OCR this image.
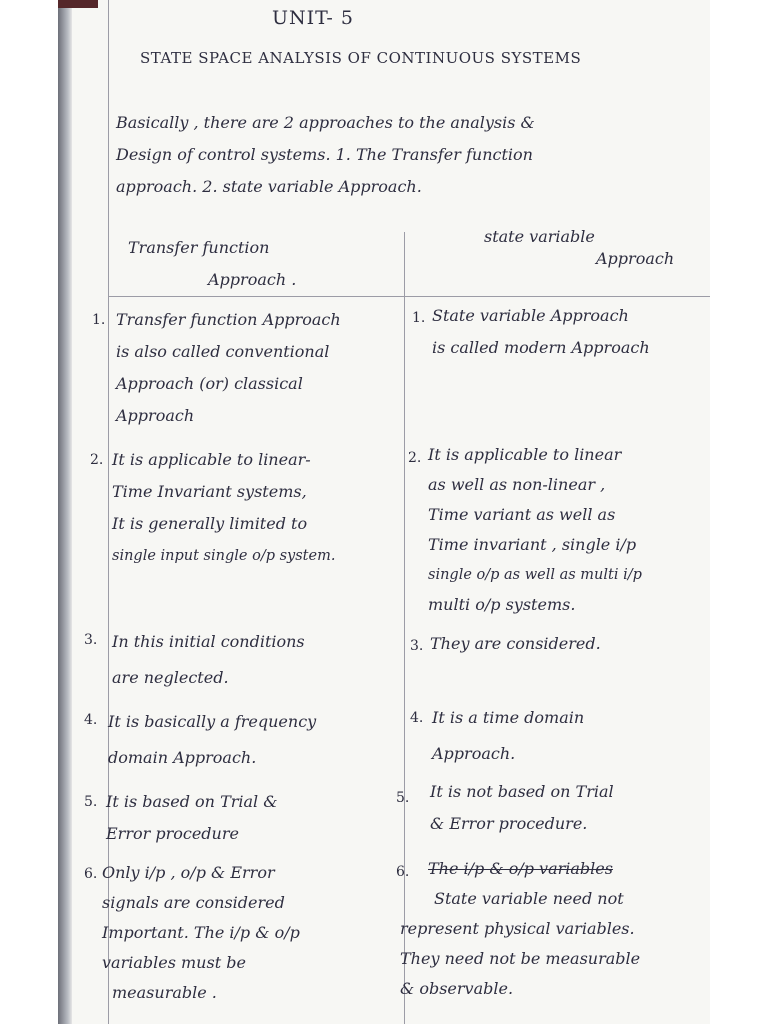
UNIT- 5
STATE SPACE ANALYSIS OF CONTINUOUS SYSTEMS
Basically , there are 2 approaches to the analysis &
Design of control systems. 1. The Transfer function
approach. 2. state variable Approach.
Transfer function
Approach .
state variable
Approach
1. Transfer function Approach
is also called conventional
Approach (or) classical
Approach
1. State variable Approach
is called modern Approach
2. It is applicable to linear-
Time Invariant systems,
It is generally limited to
single input single o/p system.
2. It is applicable to linear
as well as non-linear ,
Time variant as well as
Time invariant , single i/p
single o/p as well as multi i/p
multi o/p systems.
3. In this initial conditions
are neglected.
3. They are considered.
4. It is basically a frequency
domain Approach.
4. It is a time domain
Approach.
5. It is based on Trial &
Error procedure
5. It is not based on Trial
& Error procedure.
6. Only i/p , o/p & Error
signals are considered
Important. The i/p & o/p
variables must be
measurable .
6.	The i/p & o/p variables
State variable need not
represent physical variables.
They need not be measurable
& observable.
